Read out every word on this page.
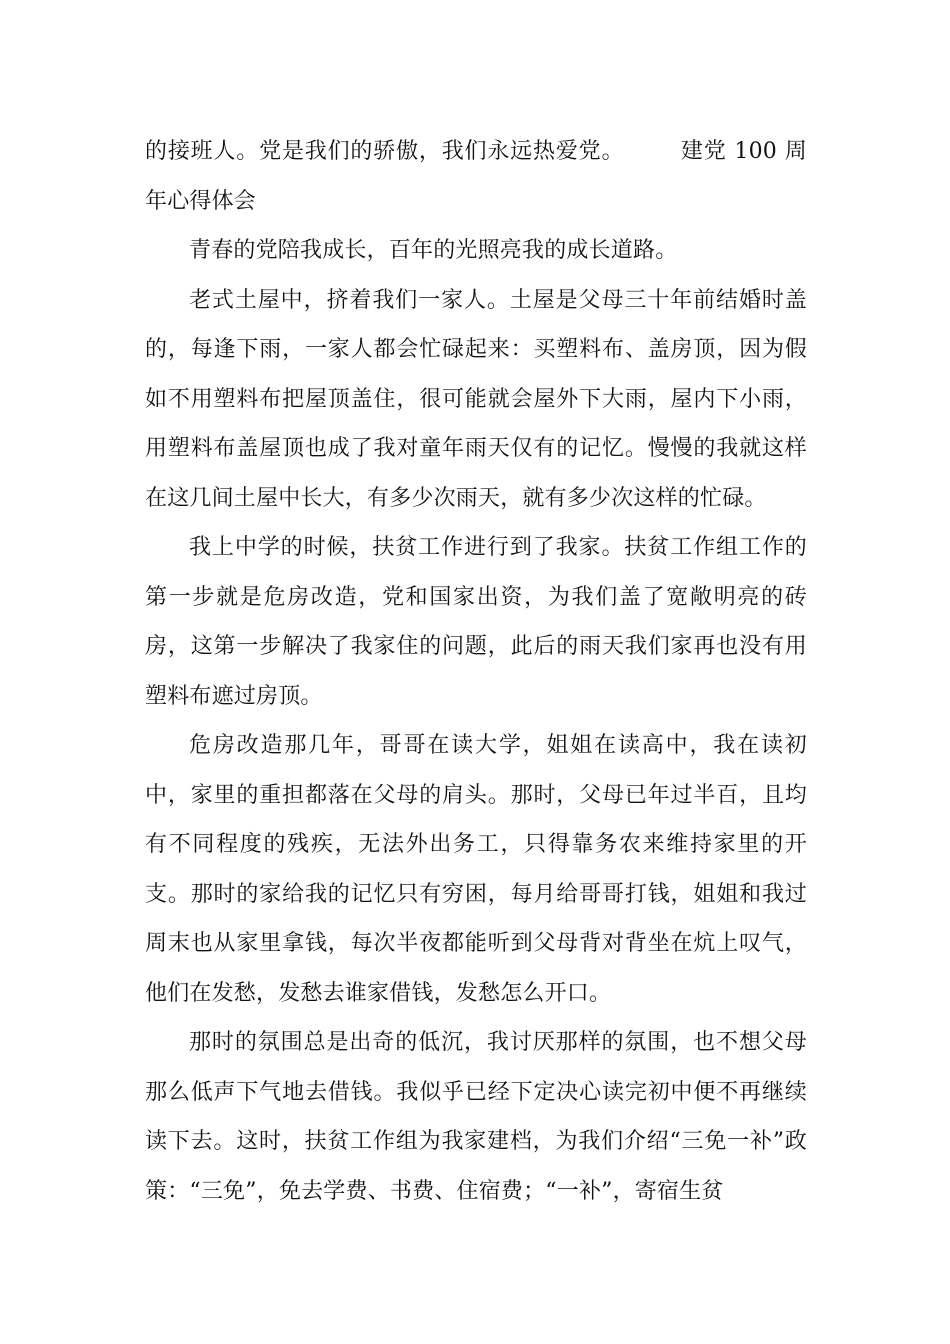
的接班人。党是我们的骄傲，我们永远热爱党。	建党 100 周年心得体会

青春的党陪我成长，百年的光照亮我的成长道路。

老式土屋中，挤着我们一家人。土屋是父母三十年前结婚时盖的，每逢下雨，一家人都会忙碌起来：买塑料布、盖房顶，因为假如不用塑料布把屋顶盖住，很可能就会屋外下大雨，屋内下小雨，用塑料布盖屋顶也成了我对童年雨天仅有的记忆。慢慢的我就这样在这几间土屋中长大，有多少次雨天，就有多少次这样的忙碌。

我上中学的时候，扶贫工作进行到了我家。扶贫工作组工作的第一步就是危房改造，党和国家出资，为我们盖了宽敞明亮的砖房，这第一步解决了我家住的问题，此后的雨天我们家再也没有用塑料布遮过房顶。

危房改造那几年，哥哥在读大学，姐姐在读高中，我在读初中，家里的重担都落在父母的肩头。那时，父母已年过半百，且均有不同程度的残疾，无法外出务工，只得靠务农来维持家里的开支。那时的家给我的记忆只有穷困，每月给哥哥打钱，姐姐和我过周末也从家里拿钱，每次半夜都能听到父母背对背坐在炕上叹气，他们在发愁，发愁去谁家借钱，发愁怎么开口。

那时的氛围总是出奇的低沉，我讨厌那样的氛围，也不想父母那么低声下气地去借钱。我似乎已经下定决心读完初中便不再继续读下去。这时，扶贫工作组为我家建档，为我们介绍“三免一补”政策：“三免”，免去学费、书费、住宿费；“一补”，寄宿生贫
